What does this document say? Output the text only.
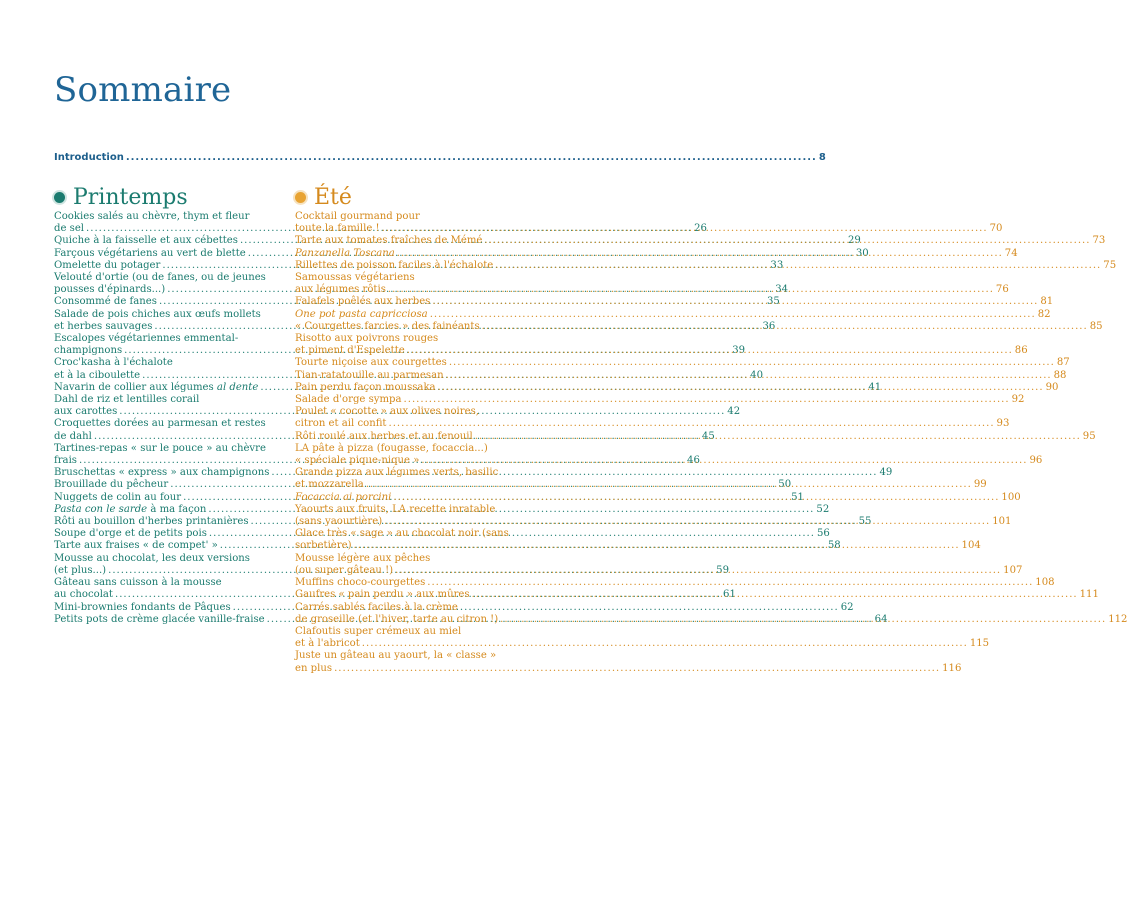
Sommaire
Introduction .....	8
Printemps
Cookies salés au chèvre, thym et fleur
de sel .....	26
Quiche à la faisselle et aux cébettes .....	29
Farçous végétariens au vert de blette .....	30
Omelette du potager .....	33
Velouté d'ortie (ou de fanes, ou de jeunes
pousses d'épinards...) .....	34
Consommé de fanes .....	35
Salade de pois chiches aux œufs mollets
et herbes sauvages .....	36
Escalopes végétariennes emmental-
champignons .....	39
Croc'kasha à l'échalote
et à la ciboulette .....	40
Navarin de collier aux légumes al dente .....	41
Dahl de riz et lentilles corail
aux carottes .....	42
Croquettes dorées au parmesan et restes
de dahl .....	45
Tartines-repas « sur le pouce » au chèvre
frais .....	46
Bruschettas « express » aux champignons .....	49
Brouillade du pêcheur .....	50
Nuggets de colin au four .....	51
Pasta con le sarde à ma façon .....	52
Rôti au bouillon d'herbes printanières .....	55
Soupe d'orge et de petits pois .....	56
Tarte aux fraises « de compet' » .....	58
Mousse au chocolat, les deux versions
(et plus...) .....	59
Gâteau sans cuisson à la mousse
au chocolat .....	61
Mini-brownies fondants de Pâques .....	62
Petits pots de crème glacée vanille-fraise .....	64
Été
Cocktail gourmand pour
toute la famille ! .....	70
Tarte aux tomates fraîches de Mémé .....	73
Panzanella Toscana .....	74
Rillettes de poisson faciles à l'échalote .....	75
Samoussas végétariens
aux légumes rôtis .....	76
Falafels poêlés aux herbes .....	81
One pot pasta capricciosa .....	82
« Courgettes farcies » des fainéants .....	85
Risotto aux poivrons rouges
et piment d'Espelette .....	86
Tourte niçoise aux courgettes .....	87
Tian-ratatouille au parmesan .....	88
Pain perdu façon moussaka .....	90
Salade d'orge sympa .....	92
Poulet « cocotte » aux olives noires,
citron et ail confit .....	93
Rôti roulé aux herbes et au fenouil .....	95
LA pâte à pizza (fougasse, focaccia...)
« spéciale pique-nique » .....	96
Grande pizza aux légumes verts, basilic
et mozzarella .....	99
Focaccia ai porcini .....	100
Yaourts aux fruits, LA recette inratable
(sans yaourtière) .....	101
Glace très « sage » au chocolat noir (sans
sorbetière) .....	104
Mousse légère aux pêches
(ou super gâteau !) .....	107
Muffins choco-courgettes .....	108
Gaufres « pain perdu » aux mûres .....	111
Carrés sablés faciles à la crème
de groseille (et l'hiver, tarte au citron !) .....	112
Clafoutis super crémeux au miel
et à l'abricot .....	115
Juste un gâteau au yaourt, la « classe »
en plus .....	116
